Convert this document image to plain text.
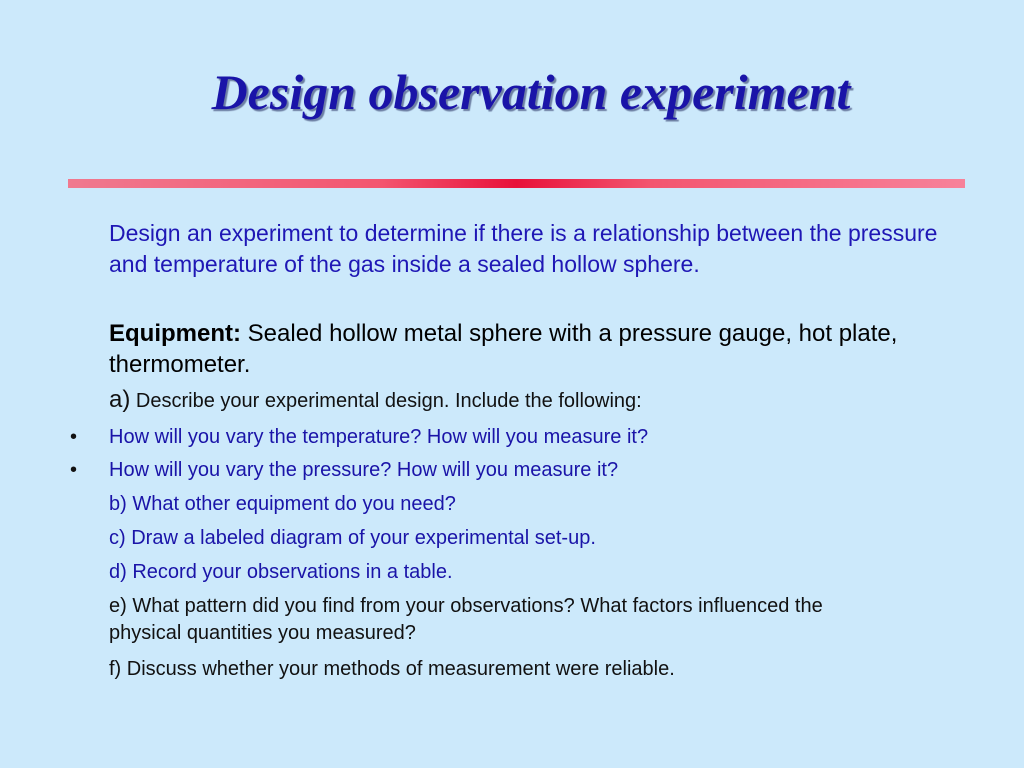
Design observation experiment

Design an experiment to determine if there is a relationship between the pressure and temperature of the gas inside a sealed hollow sphere.

Equipment: Sealed hollow metal sphere with a pressure gauge, hot plate, thermometer.

a) Describe your experimental design. Include the following:

• How will you vary the temperature? How will you measure it?

• How will you vary the pressure? How will you measure it?

b) What other equipment do you need?

c) Draw a labeled diagram of your experimental set-up.

d) Record your observations in a table.

e) What pattern did you find from your observations? What factors influenced the physical quantities you measured?

f) Discuss whether your methods of measurement were reliable.
